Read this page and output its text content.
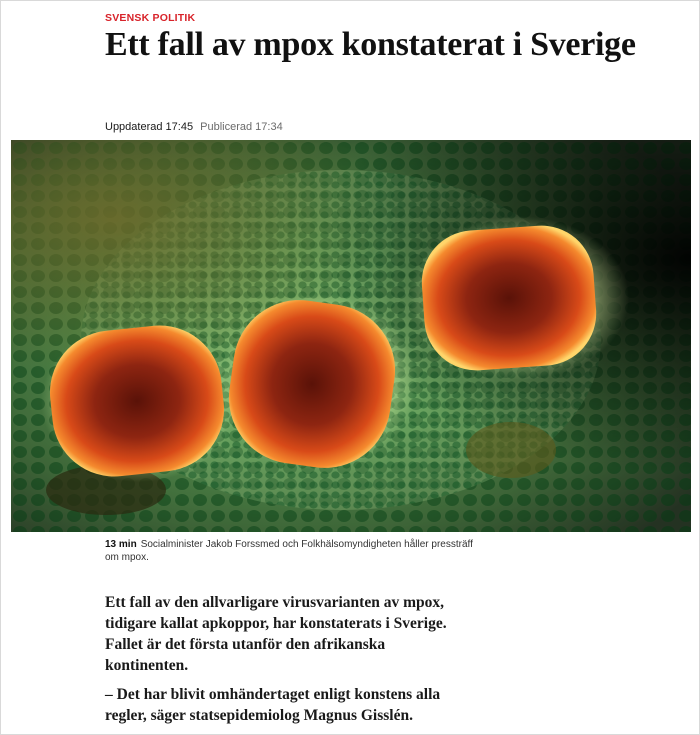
SVENSK POLITIK
Ett fall av mpox konstaterat i Sverige
Uppdaterad 17:45 Publicerad 17:34
13 min Socialminister Jakob Forssmed och Folkhälsomyndigheten håller pressträff om mpox.

Ett fall av den allvarligare virusvarianten av mpox, tidigare kallat apkoppor, har konstaterats i Sverige. Fallet är det första utanför den afrikanska kontinenten.

– Det har blivit omhändertaget enligt konstens alla regler, säger statsepidemiolog Magnus Gisslén.
